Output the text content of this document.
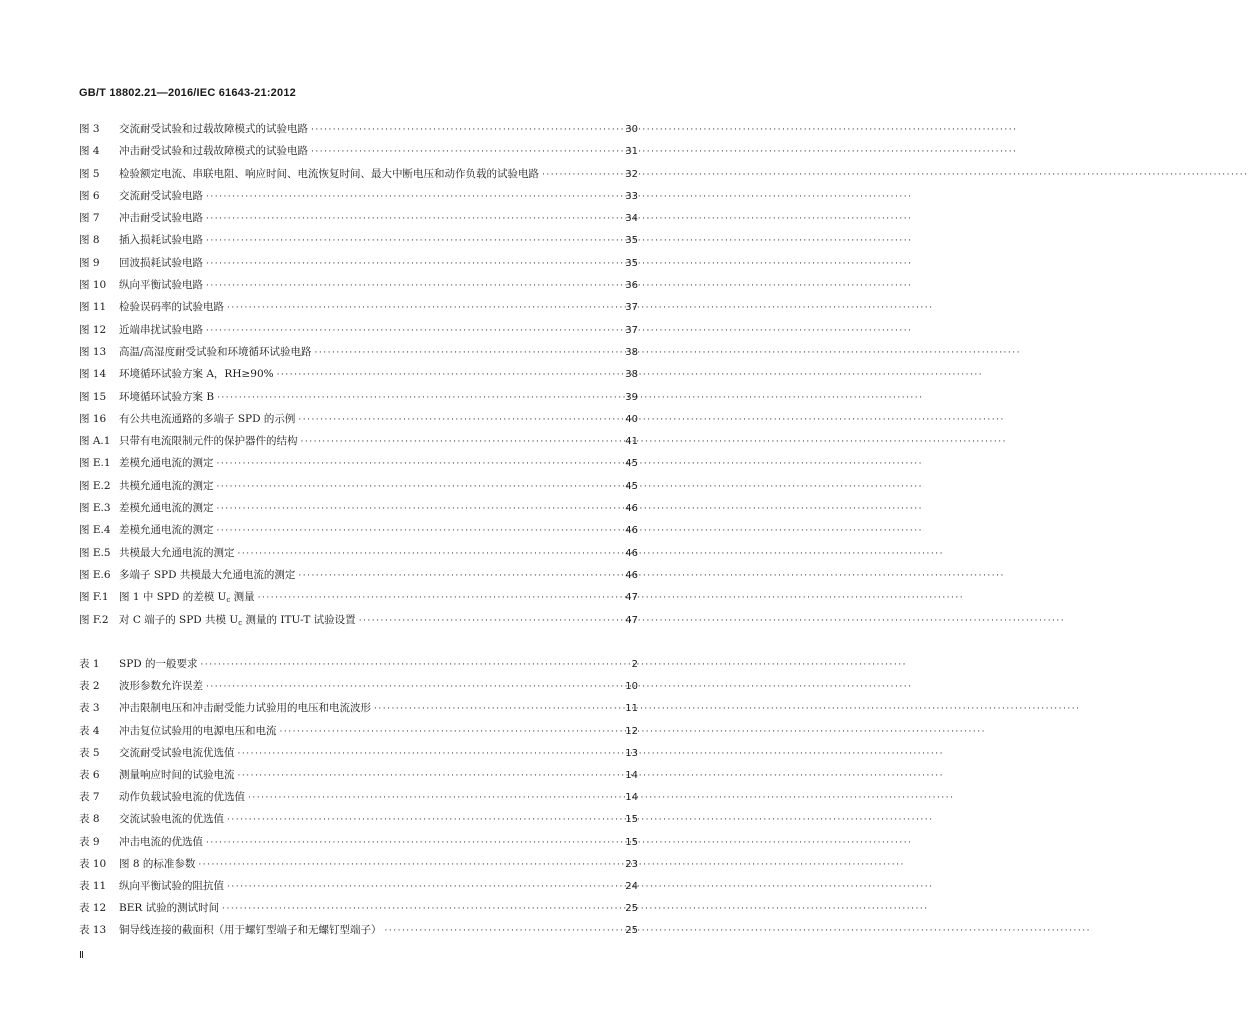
GB/T 18802.21—2016/IEC 61643-21:2012
图 3	交流耐受试验和过载故障模式的试验电路 ·····	30
图 4	冲击耐受试验和过载故障模式的试验电路 ·····	31
图 5	检验额定电流、串联电阻、响应时间、电流恢复时间、最大中断电压和动作负载的试验电路 ·····	32
图 6	交流耐受试验电路 ·····	33
图 7	冲击耐受试验电路 ·····	34
图 8	插入损耗试验电路 ·····	35
图 9	回波损耗试验电路 ·····	35
图 10	纵向平衡试验电路 ·····	36
图 11	检验误码率的试验电路 ·····	37
图 12	近端串扰试验电路 ·····	37
图 13	高温/高湿度耐受试验和环境循环试验电路 ·····	38
图 14	环境循环试验方案 A，RH≥90% ·····	38
图 15	环境循环试验方案 B ·····	39
图 16	有公共电流通路的多端子 SPD 的示例 ·····	40
图 A.1 只带有电流限制元件的保护器件的结构 ·····	41
图 E.1 差模允通电流的测定 ·····	45
图 E.2 共模允通电流的测定 ·····	45
图 E.3 差模允通电流的测定 ·····	46
图 E.4 差模允通电流的测定 ·····	46
图 E.5 共模最大允通电流的测定 ·····	46
图 E.6 多端子 SPD 共模最大允通电流的测定 ·····	46
图 F.1 图 1 中 SPD 的差模 $U_c$ 测量 ·····	47
图 F.2 对 C 端子的 SPD 共模 $U_c$ 测量的 ITU-T 试验设置 ·····	47
表 1	SPD 的一般要求 ·····	2
表 2	波形参数允许误差 ·····	10
表 3	冲击限制电压和冲击耐受能力试验用的电压和电流波形 ·····	11
表 4	冲击复位试验用的电源电压和电流 ·····	12
表 5	交流耐受试验电流优选值 ·····	13
表 6	测量响应时间的试验电流 ·····	14
表 7	动作负载试验电流的优选值 ·····	14
表 8	交流试验电流的优选值 ·····	15
表 9	冲击电流的优选值 ·····	15
表 10	图 8 的标准参数 ·····	23
表 11	纵向平衡试验的阻抗值 ·····	24
表 12	BER 试验的测试时间 ·····	25
表 13	铜导线连接的截面积（用于螺钉型端子和无螺钉型端子） ·····	25
Ⅱ
